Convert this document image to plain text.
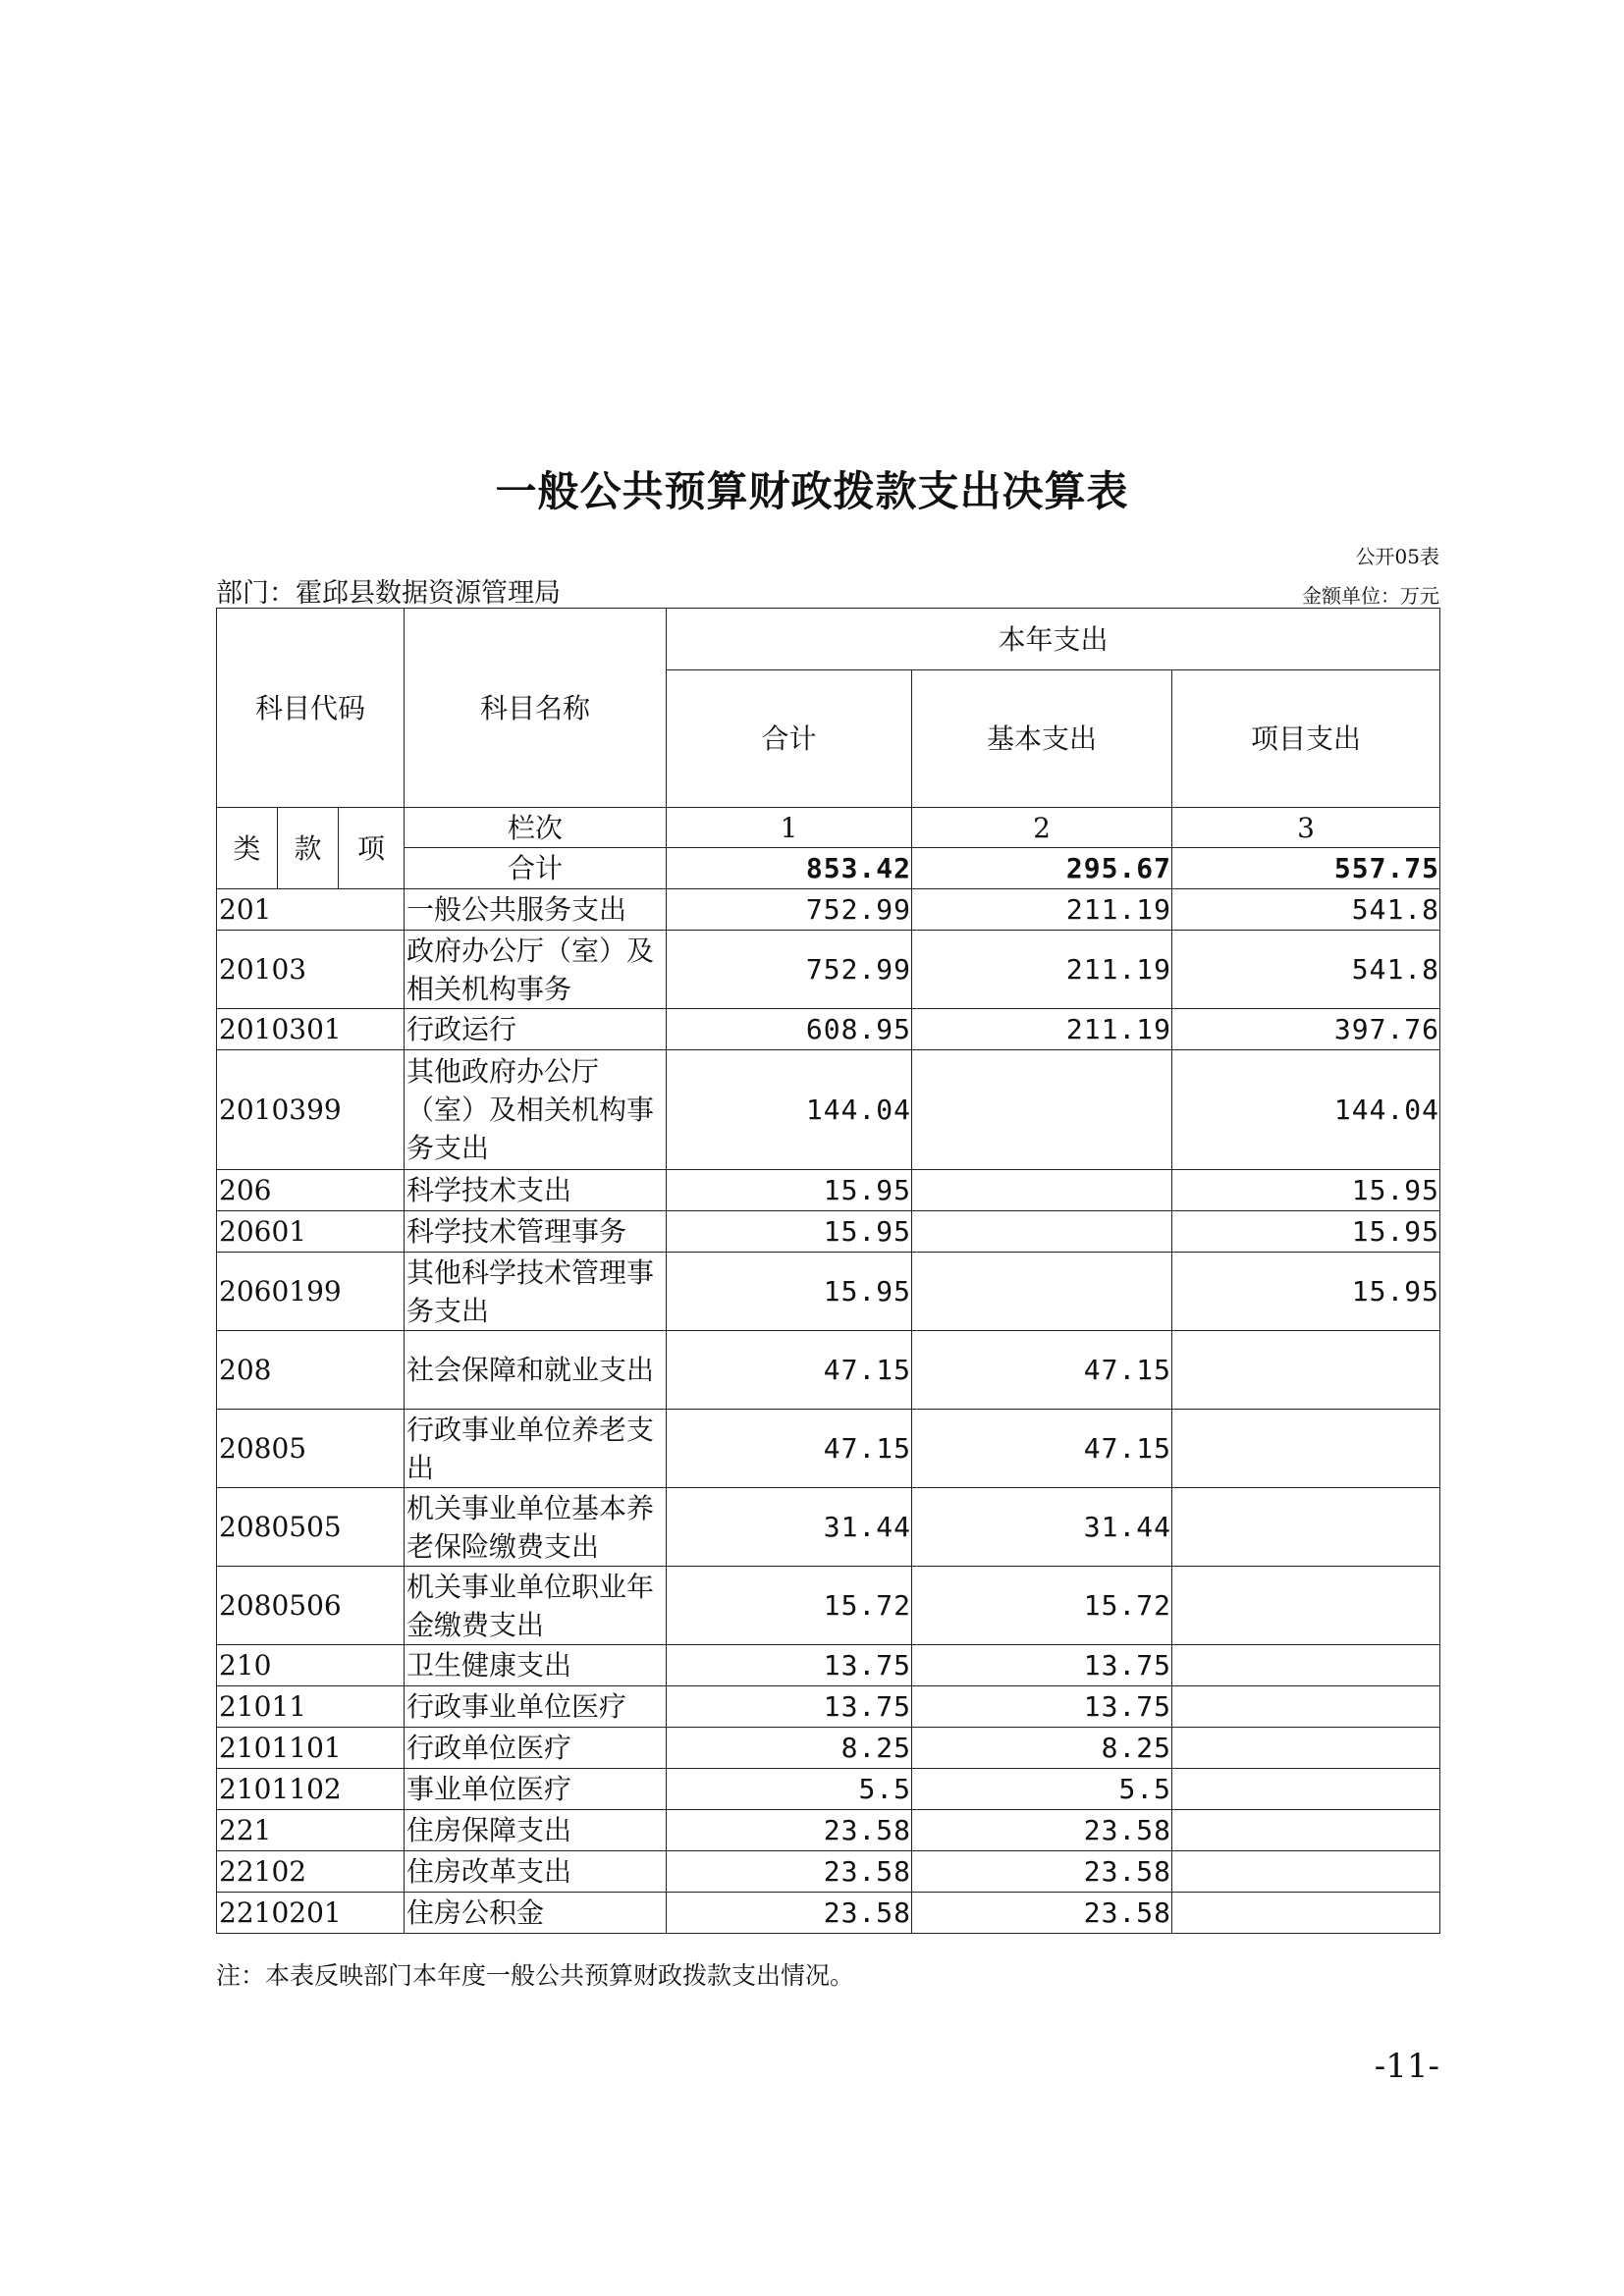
一般公共预算财政拨款支出决算表
公开05表
部门：霍邱县数据资源管理局	金额单位：万元
科目代码			科目名称	本年支出		
				合计	基本支出	项目支出
类	款	项	栏次	1	2	3
			合计	853.42	295.67	557.75
201			一般公共服务支出	752.99	211.19	541.8
20103			政府办公厅（室）及相关机构事务	752.99	211.19	541.8
2010301			行政运行	608.95	211.19	397.76
2010399			其他政府办公厅（室）及相关机构事务支出	144.04		144.04
206			科学技术支出	15.95		15.95
20601			科学技术管理事务	15.95		15.95
2060199			其他科学技术管理事务支出	15.95		15.95
208			社会保障和就业支出	47.15	47.15	
20805			行政事业单位养老支出	47.15	47.15	
2080505			机关事业单位基本养老保险缴费支出	31.44	31.44	
2080506			机关事业单位职业年金缴费支出	15.72	15.72	
210			卫生健康支出	13.75	13.75	
21011			行政事业单位医疗	13.75	13.75	
2101101			行政单位医疗	8.25	8.25	
2101102			事业单位医疗	5.5	5.5	
221			住房保障支出	23.58	23.58	
22102			住房改革支出	23.58	23.58	
2210201			住房公积金	23.58	23.58	
注：本表反映部门本年度一般公共预算财政拨款支出情况。
-11-
